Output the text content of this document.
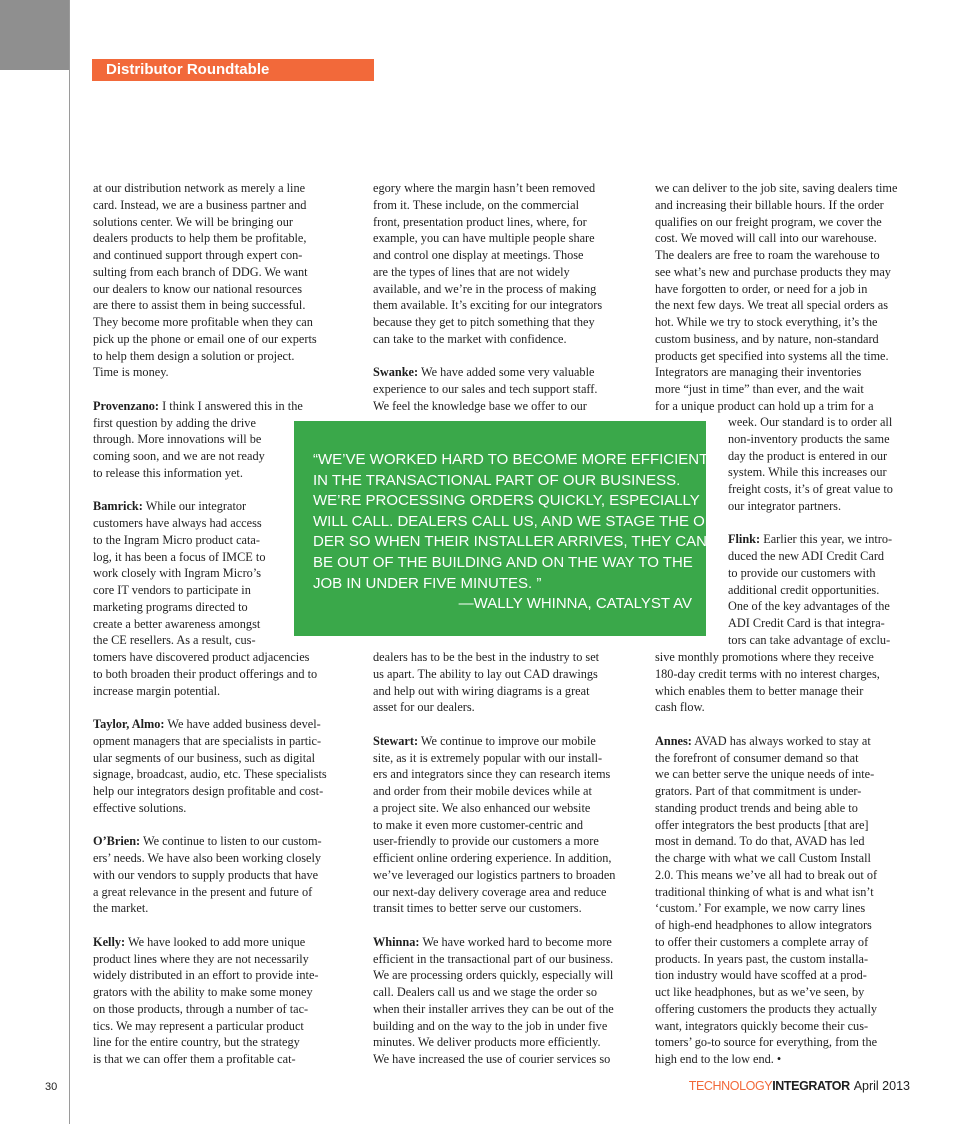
Distributor Roundtable

at our distribution network as merely a line

card. Instead, we are a business partner and

solutions center. We will be bringing our

dealers products to help them be profitable,

and continued support through expert con-

sulting from each branch of DDG. We want

our dealers to know our national resources

are there to assist them in being successful.

They become more profitable when they can

pick up the phone or email one of our experts

to help them design a solution or project.

Time is money.

Provenzano: I think I answered this in the

first question by adding the drive

through. More innovations will be

coming soon, and we are not ready

to release this information yet.

Bamrick: While our integrator

customers have always had access

to the Ingram Micro product cata-

log, it has been a focus of IMCE to

work closely with Ingram Micro’s

core IT vendors to participate in

marketing programs directed to

create a better awareness amongst

the CE resellers. As a result, cus-

tomers have discovered product adjacencies

to both broaden their product offerings and to

increase margin potential.

Taylor, Almo: We have added business devel-

opment managers that are specialists in partic-

ular segments of our business, such as digital

signage, broadcast, audio, etc. These specialists

help our integrators design profitable and cost-

effective solutions.

O’Brien: We continue to listen to our custom-

ers’ needs. We have also been working closely

with our vendors to supply products that have

a great relevance in the present and future of

the market.

Kelly: We have looked to add more unique

product lines where they are not necessarily

widely distributed in an effort to provide inte-

grators with the ability to make some money

on those products, through a number of tac-

tics. We may represent a particular product

line for the entire country, but the strategy

is that we can offer them a profitable cat-

egory where the margin hasn’t been removed

from it. These include, on the commercial

front, presentation product lines, where, for

example, you can have multiple people share

and control one display at meetings. Those

are the types of lines that are not widely

available, and we’re in the process of making

them available. It’s exciting for our integrators

because they get to pitch something that they

can take to the market with confidence.

Swanke: We have added some very valuable

experience to our sales and tech support staff.

We feel the knowledge base we offer to our

dealers has to be the best in the industry to set

us apart. The ability to lay out CAD drawings

and help out with wiring diagrams is a great

asset for our dealers.

Stewart: We continue to improve our mobile

site, as it is extremely popular with our install-

ers and integrators since they can research items

and order from their mobile devices while at

a project site. We also enhanced our website

to make it even more customer-centric and

user-friendly to provide our customers a more

efficient online ordering experience. In addition,

we’ve leveraged our logistics partners to broaden

our next-day delivery coverage area and reduce

transit times to better serve our customers.

Whinna: We have worked hard to become more

efficient in the transactional part of our business.

We are processing orders quickly, especially will

call. Dealers call us and we stage the order so

when their installer arrives they can be out of the

building and on the way to the job in under five

minutes. We deliver products more efficiently.

We have increased the use of courier services so

we can deliver to the job site, saving dealers time

and increasing their billable hours. If the order

qualifies on our freight program, we cover the

cost. We moved will call into our warehouse.

The dealers are free to roam the warehouse to

see what’s new and purchase products they may

have forgotten to order, or need for a job in

the next few days. We treat all special orders as

hot. While we try to stock everything, it’s the

custom business, and by nature, non-standard

products get specified into systems all the time.

Integrators are managing their inventories

more “just in time” than ever, and the wait

for a unique product can hold up a trim for a

week. Our standard is to order all

non-inventory products the same

day the product is entered in our

system. While this increases our

freight costs, it’s of great value to

our integrator partners.

Flink: Earlier this year, we intro-

duced the new ADI Credit Card

to provide our customers with

additional credit opportunities.

One of the key advantages of the

ADI Credit Card is that integra-

tors can take advantage of exclu-

sive monthly promotions where they receive

180-day credit terms with no interest charges,

which enables them to better manage their

cash flow.

Annes: AVAD has always worked to stay at

the forefront of consumer demand so that

we can better serve the unique needs of inte-

grators. Part of that commitment is under-

standing product trends and being able to

offer integrators the best products [that are]

most in demand. To do that, AVAD has led

the charge with what we call Custom Install

2.0. This means we’ve all had to break out of

traditional thinking of what is and what isn’t

‘custom.’ For example, we now carry lines

of high-end headphones to allow integrators

to offer their customers a complete array of

products. In years past, the custom installa-

tion industry would have scoffed at a prod-

uct like headphones, but as we’ve seen, by

offering customers the products they actually

want, integrators quickly become their cus-

tomers’ go-to source for everything, from the

high end to the low end. •

“WE’VE WORKED HARD TO BECOME MORE EFFICIENT

IN THE TRANSACTIONAL PART OF OUR BUSINESS.

WE’RE PROCESSING ORDERS QUICKLY, ESPECIALLY

WILL CALL. DEALERS CALL US, AND WE STAGE THE OR-

DER SO WHEN THEIR INSTALLER ARRIVES, THEY CAN

BE OUT OF THE BUILDING AND ON THE WAY TO THE

JOB IN UNDER FIVE MINUTES. ”

—WALLY WHINNA, CATALYST AV
30	TECHNOLOGYINTEGRATOR April 2013
